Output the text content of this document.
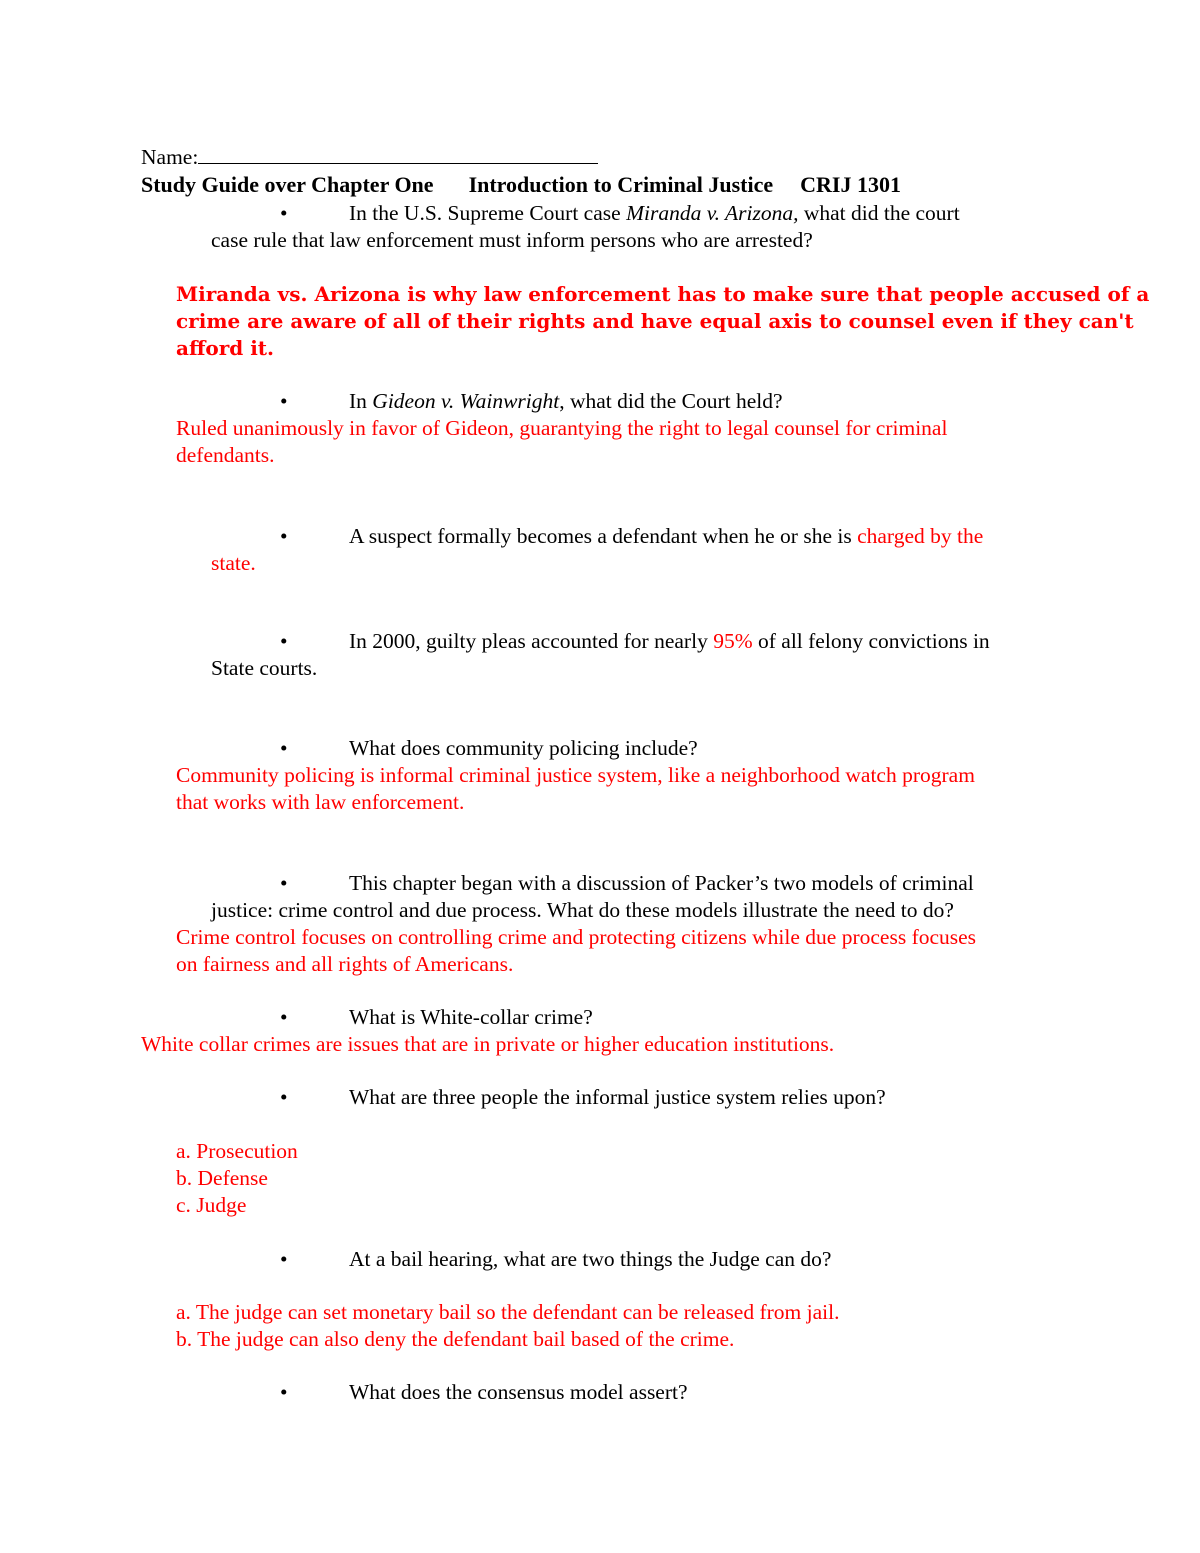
Name:
Study Guide over Chapter One Introduction to Criminal Justice CRIJ 1301
•	In the U.S. Supreme Court case Miranda v. Arizona, what did the court
case rule that law enforcement must inform persons who are arrested?
Miranda vs. Arizona is why law enforcement has to make sure that people accused of a
crime are aware of all of their rights and have equal axis to counsel even if they can't
afford it.
•	In Gideon v. Wainwright, what did the Court held?
Ruled unanimously in favor of Gideon, guarantying the right to legal counsel for criminal
defendants.
•	A suspect formally becomes a defendant when he or she is charged by the
state.
•	In 2000, guilty pleas accounted for nearly 95% of all felony convictions in
State courts.
•	What does community policing include?
Community policing is informal criminal justice system, like a neighborhood watch program
that works with law enforcement.
•	This chapter began with a discussion of Packer’s two models of criminal
justice: crime control and due process. What do these models illustrate the need to do?
Crime control focuses on controlling crime and protecting citizens while due process focuses
on fairness and all rights of Americans.
•	What is White-collar crime?
White collar crimes are issues that are in private or higher education institutions.
•	What are three people the informal justice system relies upon?
a. Prosecution
b. Defense
c. Judge
•	At a bail hearing, what are two things the Judge can do?
a. The judge can set monetary bail so the defendant can be released from jail.
b. The judge can also deny the defendant bail based of the crime.
•	What does the consensus model assert?
